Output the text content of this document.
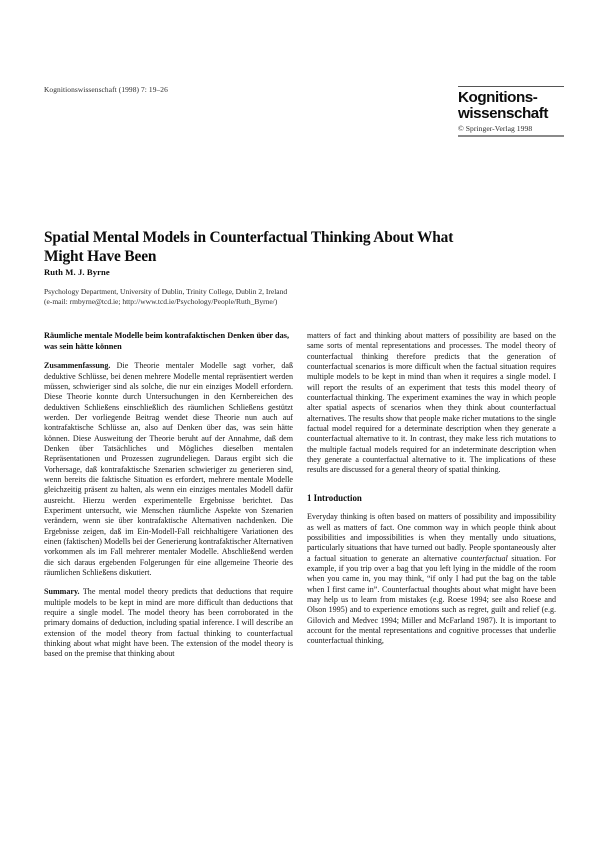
Kognitionswissenschaft (1998) 7: 19–26	Kognitions-
wissenschaft
© Springer-Verlag 1998
Spatial Mental Models in Counterfactual Thinking About What Might Have Been
Ruth M. J. Byrne
Psychology Department, University of Dublin, Trinity College, Dublin 2, Ireland
(e-mail: rmbyrne@tcd.ie; http://www.tcd.ie/Psychology/People/Ruth_Byrne/)
Räumliche mentale Modelle beim kontrafaktischen Denken über das, was sein hätte können

Zusammenfassung. Die Theorie mentaler Modelle sagt vorher, daß deduktive Schlüsse, bei denen mehrere Modelle mental repräsentiert werden müssen, schwieriger sind als solche, die nur ein einziges Modell erfordern. Diese Theorie konnte durch Untersuchungen in den Kernbereichen des deduktiven Schließens einschließlich des räumlichen Schließens gestützt werden. Der vorliegende Beitrag wendet diese Theorie nun auch auf kontrafaktische Schlüsse an, also auf Denken über das, was sein hätte können. Diese Ausweitung der Theorie beruht auf der Annahme, daß dem Denken über Tatsächliches und Mögliches dieselben mentalen Repräsentationen und Prozessen zugrundeliegen. Daraus ergibt sich die Vorhersage, daß kontrafaktische Szenarien schwieriger zu generieren sind, wenn bereits die faktische Situation es erfordert, mehrere mentale Modelle gleichzeitig präsent zu halten, als wenn ein einziges mentales Modell dafür ausreicht. Hierzu werden experimentelle Ergebnisse berichtet. Das Experiment untersucht, wie Menschen räumliche Aspekte von Szenarien verändern, wenn sie über kontrafaktische Alternativen nachdenken. Die Ergebnisse zeigen, daß im Ein-Modell-Fall reichhaltigere Variationen des einen (faktischen) Modells bei der Generierung kontrafaktischer Alternativen vorkommen als im Fall mehrerer mentaler Modelle. Abschließend werden die sich daraus ergebenden Folgerungen für eine allgemeine Theorie des räumlichen Schließens diskutiert.

Summary. The mental model theory predicts that deductions that require multiple models to be kept in mind are more difficult than deductions that require a single model. The model theory has been corroborated in the primary domains of deduction, including spatial inference. I will describe an extension of the model theory from factual thinking to counterfactual thinking about what might have been. The extension of the model theory is based on the premise that thinking about

matters of fact and thinking about matters of possibility are based on the same sorts of mental representations and processes. The model theory of counterfactual thinking therefore predicts that the generation of counterfactual scenarios is more difficult when the factual situation requires multiple models to be kept in mind than when it requires a single model. I will report the results of an experiment that tests this model theory of counterfactual thinking. The experiment examines the way in which people alter spatial aspects of scenarios when they think about counterfactual alternatives. The results show that people make richer mutations to the single factual model required for a determinate description when they generate a counterfactual alternative to it. In contrast, they make less rich mutations to the multiple factual models required for an indeterminate description when they generate a counterfactual alternative to it. The implications of these results are discussed for a general theory of spatial thinking.

1 Introduction

Everyday thinking is often based on matters of possibility and impossibility as well as matters of fact. One common way in which people think about possibilities and impossibilities is when they mentally undo situations, particularly situations that have turned out badly. People spontaneously alter a factual situation to generate an alternative counterfactual situation. For example, if you trip over a bag that you left lying in the middle of the room when you came in, you may think, “if only I had put the bag on the table when I first came in”. Counterfactual thoughts about what might have been may help us to learn from mistakes (e.g. Roese 1994; see also Roese and Olson 1995) and to experience emotions such as regret, guilt and relief (e.g. Gilovich and Medvec 1994; Miller and McFarland 1987). It is important to account for the mental representations and cognitive processes that underlie counterfactual thinking,
